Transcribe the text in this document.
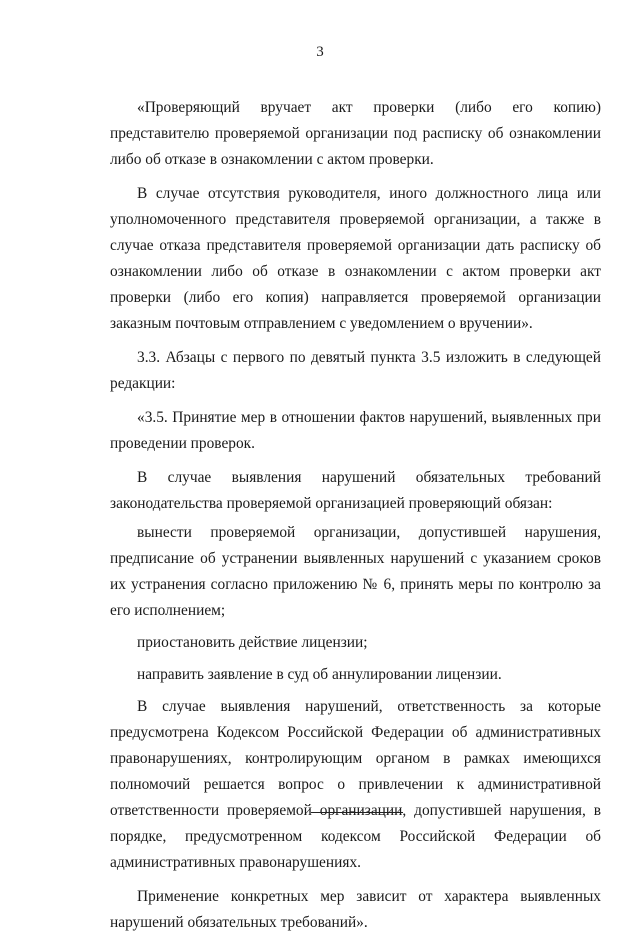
3

«Проверяющий вручает акт проверки (либо его копию) представителю проверяемой организации под расписку об ознакомлении либо об отказе в ознакомлении с актом проверки.

В случае отсутствия руководителя, иного должностного лица или уполномоченного представителя проверяемой организации, а также в случае отказа представителя проверяемой организации дать расписку об ознакомлении либо об отказе в ознакомлении с актом проверки акт проверки (либо его копия) направляется проверяемой организации заказным почтовым отправлением с уведомлением о вручении».

3.3. Абзацы с первого по девятый пункта 3.5 изложить в следующей редакции:

«3.5. Принятие мер в отношении фактов нарушений, выявленных при проведении проверок.

В случае выявления нарушений обязательных требований законодательства проверяемой организацией проверяющий обязан:

вынести проверяемой организации, допустившей нарушения, предписание об устранении выявленных нарушений с указанием сроков их устранения согласно приложению № 6, принять меры по контролю за его исполнением;

приостановить действие лицензии;

направить заявление в суд об аннулировании лицензии.

В случае выявления нарушений, ответственность за которые предусмотрена Кодексом Российской Федерации об административных правонарушениях, контролирующим органом в рамках имеющихся полномочий решается вопрос о привлечении к административной ответственности проверяемой организации, допустившей нарушения, в порядке, предусмотренном кодексом Российской Федерации об административных правонарушениях.

Применение конкретных мер зависит от характера выявленных нарушений обязательных требований».
